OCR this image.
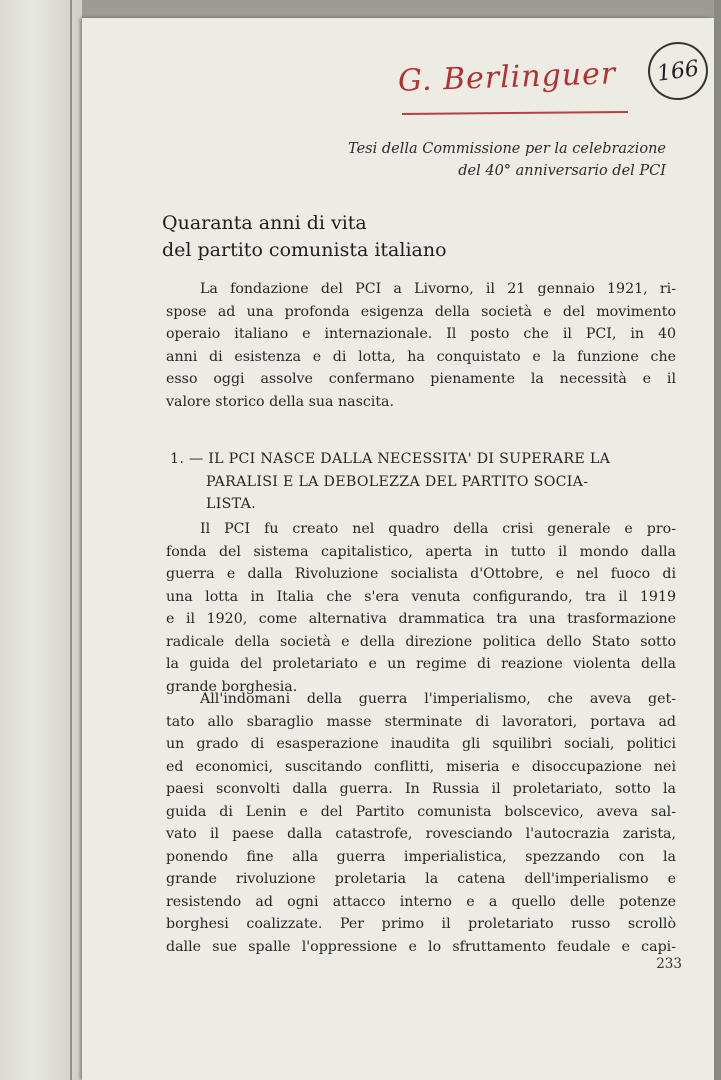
G. Berlinguer 166
Tesi della Commissione per la celebrazione
del 40° anniversario del PCI
Quaranta anni di vita
del partito comunista italiano
La fondazione del PCI a Livorno, il 21 gennaio 1921, ri-
spose ad una profonda esigenza della società e del movimento
operaio italiano e internazionale. Il posto che il PCI, in 40
anni di esistenza e di lotta, ha conquistato e la funzione che
esso oggi assolve confermano pienamente la necessità e il
valore storico della sua nascita.
1. — IL PCI NASCE DALLA NECESSITA' DI SUPERARE LA
PARALISI E LA DEBOLEZZA DEL PARTITO SOCIA-
LISTA.
Il PCI fu creato nel quadro della crisi generale e pro-
fonda del sistema capitalistico, aperta in tutto il mondo dalla
guerra e dalla Rivoluzione socialista d'Ottobre, e nel fuoco di
una lotta in Italia che s'era venuta configurando, tra il 1919
e il 1920, come alternativa drammatica tra una trasformazione
radicale della società e della direzione politica dello Stato sotto
la guida del proletariato e un regime di reazione violenta della
grande borghesia.
All'indomani della guerra l'imperialismo, che aveva get-
tato allo sbaraglio masse sterminate di lavoratori, portava ad
un grado di esasperazione inaudita gli squilibri sociali, politici
ed economici, suscitando conflitti, miseria e disoccupazione nei
paesi sconvolti dalla guerra. In Russia il proletariato, sotto la
guida di Lenin e del Partito comunista bolscevico, aveva sal-
vato il paese dalla catastrofe, rovesciando l'autocrazia zarista,
ponendo fine alla guerra imperialistica, spezzando con la
grande rivoluzione proletaria la catena dell'imperialismo e
resistendo ad ogni attacco interno e a quello delle potenze
borghesi coalizzate. Per primo il proletariato russo scrollò
dalle sue spalle l'oppressione e lo sfruttamento feudale e capi-
233
